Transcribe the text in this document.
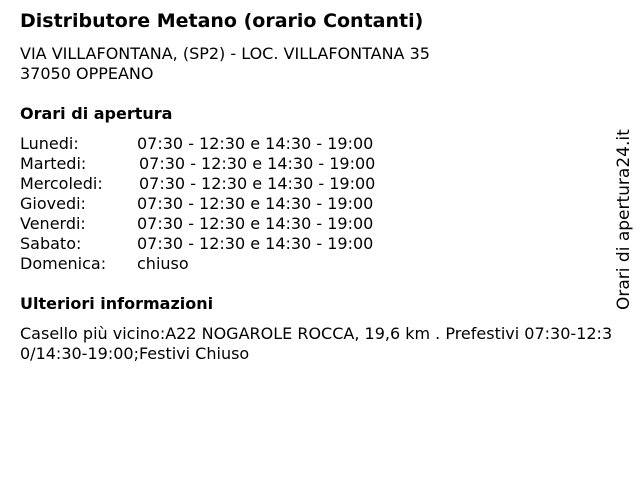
Distributore Metano (orario Contanti)
VIA VILLAFONTANA, (SP2) - LOC. VILLAFONTANA 35
37050 OPPEANO
Orari di apertura
Lunedi:	07:30 - 12:30 e 14:30 - 19:00
Martedi:	07:30 - 12:30 e 14:30 - 19:00
Mercoledi: 07:30 - 12:30 e 14:30 - 19:00
Giovedi:	07:30 - 12:30 e 14:30 - 19:00
Venerdi:	07:30 - 12:30 e 14:30 - 19:00
Sabato:	07:30 - 12:30 e 14:30 - 19:00
Domenica: chiuso
Ulteriori informazioni
Casello più vicino:A22 NOGAROLE ROCCA, 19,6 km . Prefestivi 07:30-12:30/14:30-19:00;Festivi Chiuso
Orari di apertura24.it
